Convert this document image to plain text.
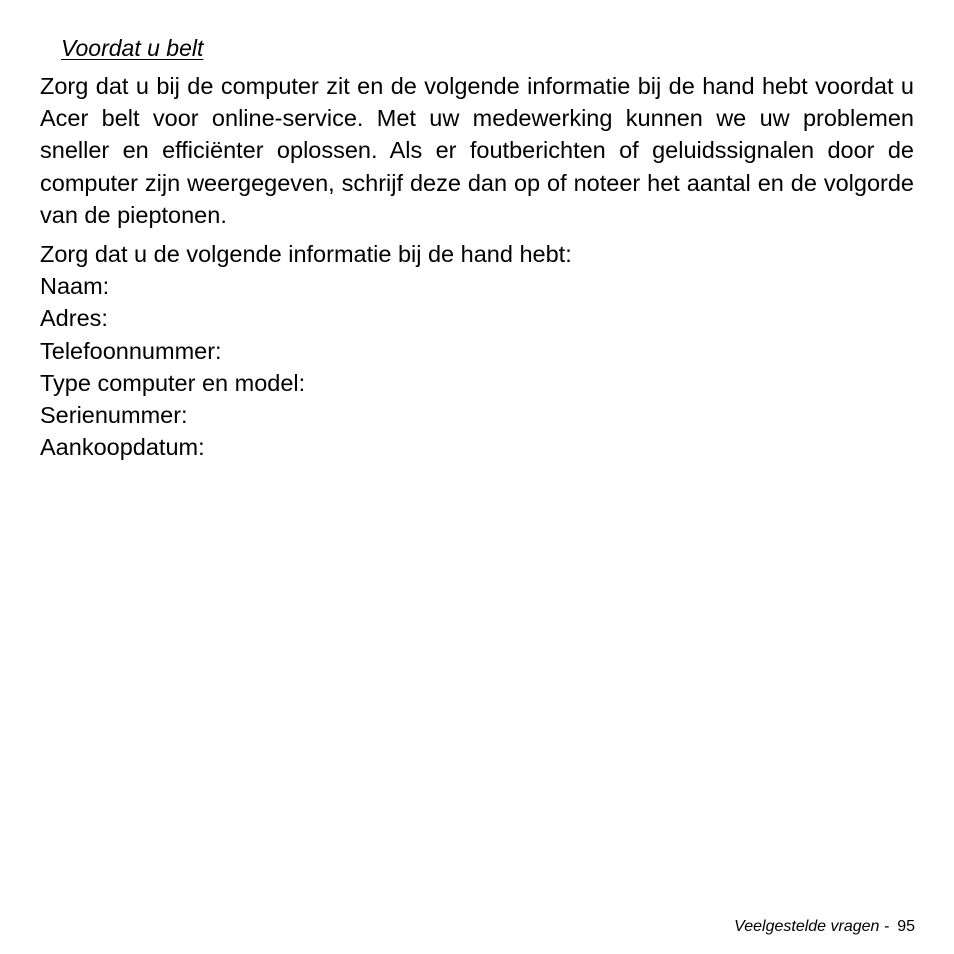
Voordat u belt

Zorg dat u bij de computer zit en de volgende informatie bij de hand hebt voordat u Acer belt voor online-service. Met uw medewerking kunnen we uw problemen sneller en efficiënter oplossen. Als er foutberichten of geluidssignalen door de computer zijn weergegeven, schrijf deze dan op of noteer het aantal en de volgorde van de pieptonen.

Zorg dat u de volgende informatie bij de hand hebt:
Naam:
Adres:
Telefoonnummer:
Type computer en model:
Serienummer:
Aankoopdatum:
Veelgestelde vragen - 95
